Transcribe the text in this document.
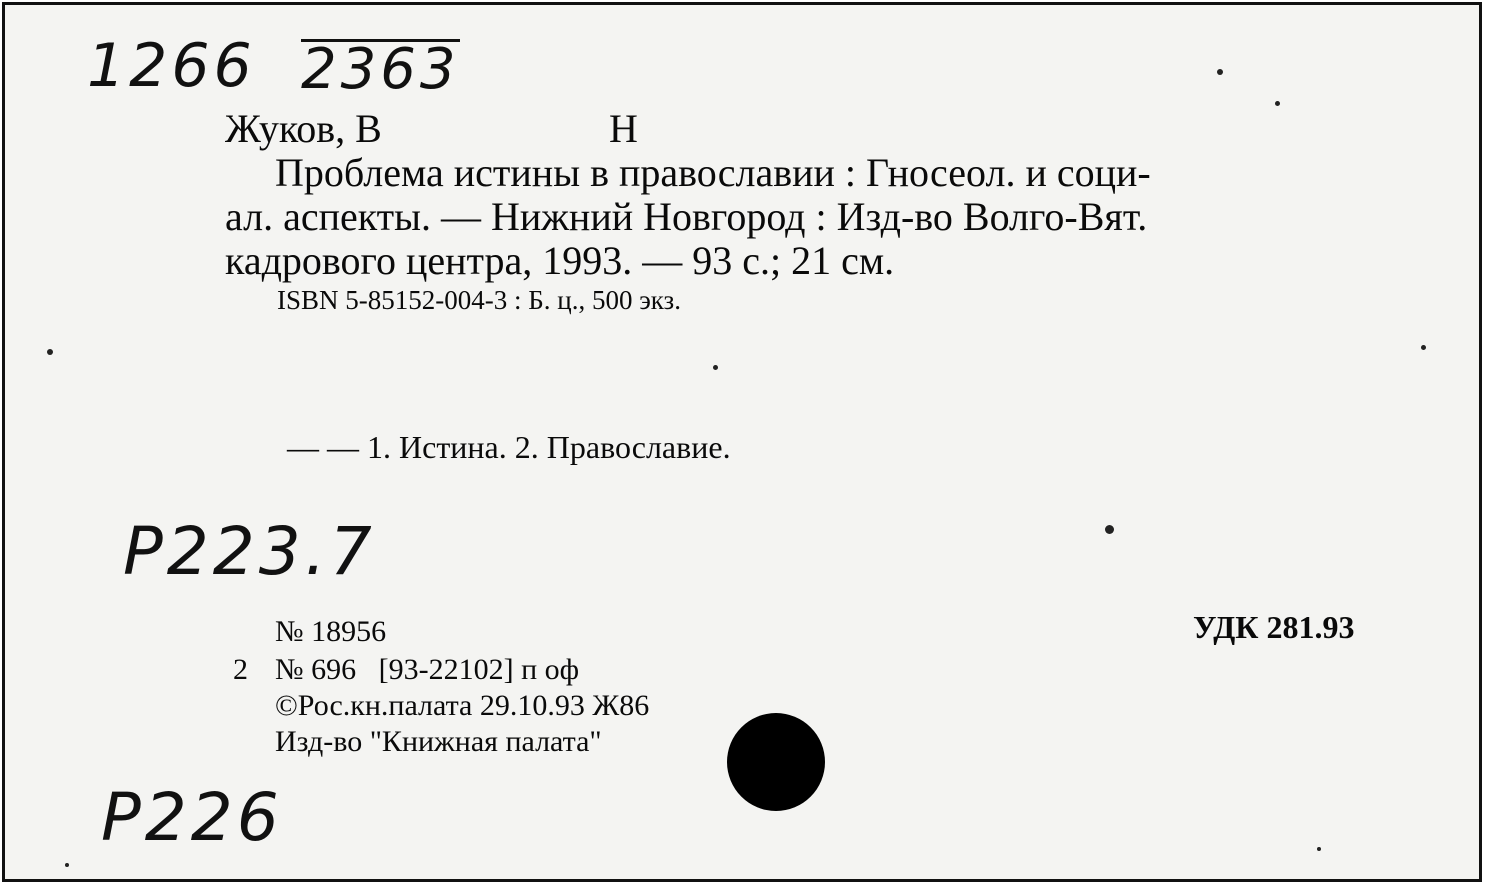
1266 2363
Жуков, В	Н
Проблема истины в православии : Гносеол. и соци-
ал. аспекты. — Нижний Новгород : Изд-во Волго-Вят.
кадрового центра, 1993. — 93 с.; 21 см.
ISBN 5-85152-004-3 : Б. ц., 500 экз.
— — 1. Истина. 2. Православие.
Р223.7
№ 18956	УДК 281.93
2 № 696   [93-22102] п оф
©Рос.кн.палата 29.10.93 Ж86
Изд-во "Книжная палата"
Р226
